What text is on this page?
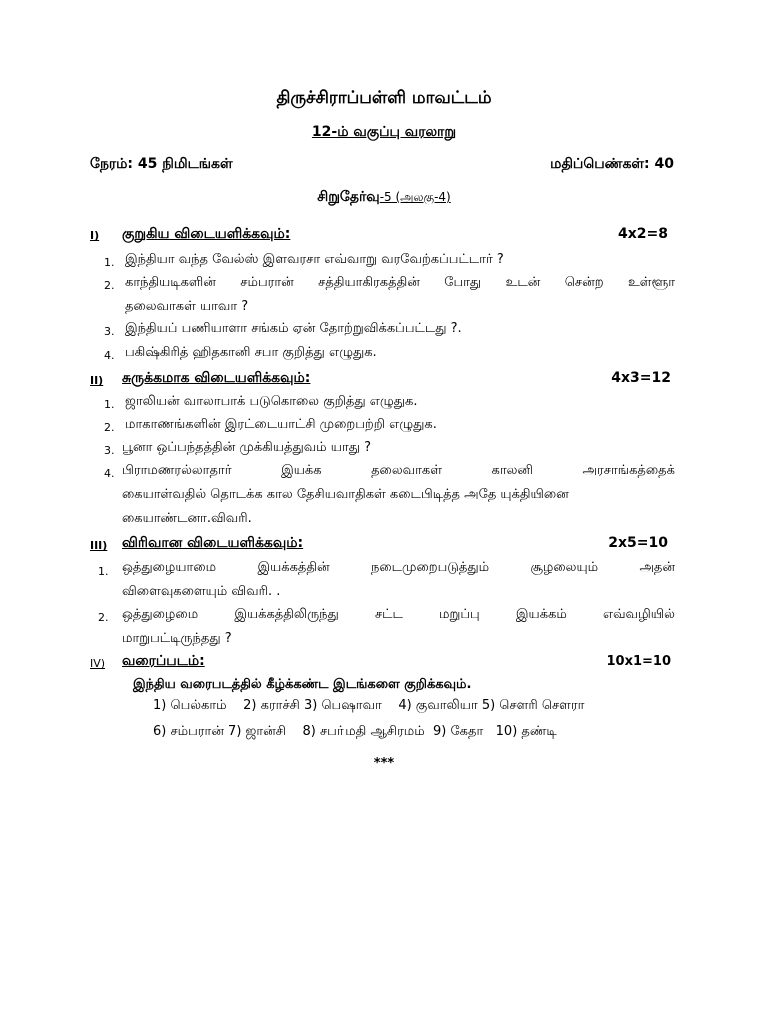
திருச்சிராப்பள்ளி மாவட்டம்
12-ம் வகுப்பு வரலாறு
நேரம்: 45 நிமிடங்கள்	மதிப்பெண்கள்: 40
சிறுதேர்வு-5 (அலகு-4)
I) குறுகிய விடையளிக்கவும்:	4x2=8
1. இந்தியா வந்த வேல்ஸ் இளவரசா எவ்வாறு வரவேற்கப்பட்டார் ?
2. காந்தியடிகளின் சம்பரான் சத்தியாகிரகத்தின் போது உடன் சென்ற உள்ளூா
தலைவாகள் யாவா ?
3. இந்தியப் பணியாளா சங்கம் ஏன் தோற்றுவிக்கப்பட்டது ?.
4. பகிஷ்கிரித் ஹிதகானி சபா குறித்து எழுதுக.
II) சுருக்கமாக விடையளிக்கவும்:	4x3=12
1. ஜாலியன் வாலாபாக் படுகொலை குறித்து எழுதுக.
2. மாகாணங்களின் இரட்டையாட்சி முறைபற்றி எழுதுக.
3. பூனா ஒப்பந்தத்தின் முக்கியத்துவம் யாது ?
4. பிராமணரல்லாதார்	இயக்க	தலைவாகள்	காலனி	அரசாங்கத்தைக்
கையாள்வதில் தொடக்க கால தேசியவாதிகள் கடைபிடித்த அதே யுக்தியினை
கையாண்டனா.விவரி.
III) விரிவான விடையளிக்கவும்:	2x5=10
1. ஒத்துழையாமை	இயக்கத்தின்	நடைமுறைபடுத்தும்	சூழலையும்	அதன்
விளைவுகளையும் விவரி. .
2. ஒத்துழைமை	இயக்கத்திலிருந்து	சட்ட	மறுப்பு	இயக்கம்	எவ்வழியில்
மாறுபட்டிருந்தது ?
IV) வரைப்படம்:	10x1=10
இந்திய வரைபடத்தில் கீழ்க்கண்ட இடங்களை குறிக்கவும்.
1) பெல்காம்    2) கராச்சி 3) பெஷாவா    4) குவாலியா 5) சௌரி சௌரா
6) சம்பரான் 7) ஜான்சி    8) சபா்மதி ஆசிரமம்  9) கேதா   10) தண்டி
***
